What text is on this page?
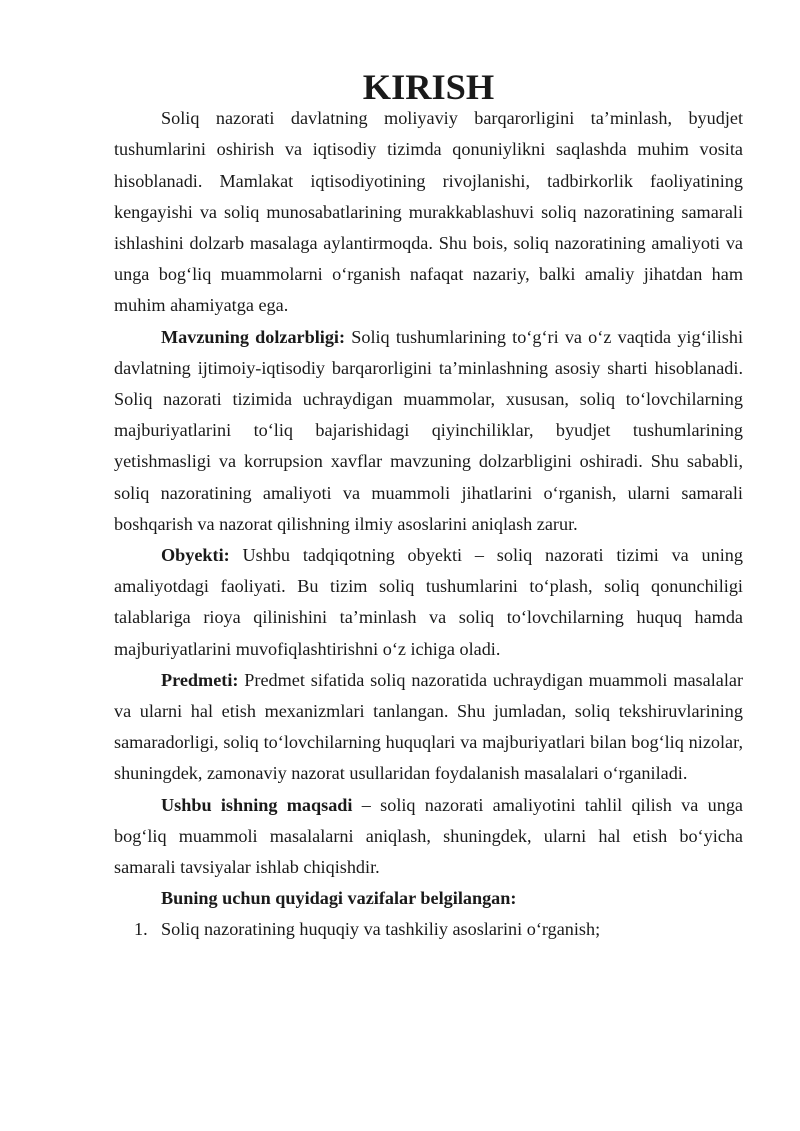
KIRISH

Soliq nazorati davlatning moliyaviy barqarorligini ta’minlash, byudjet tushumlarini oshirish va iqtisodiy tizimda qonuniylikni saqlashda muhim vosita hisoblanadi. Mamlakat iqtisodiyotining rivojlanishi, tadbirkorlik faoliyatining kengayishi va soliq munosabatlarining murakkablashuvi soliq nazoratining samarali ishlashini dolzarb masalaga aylantirmoqda. Shu bois, soliq nazoratining amaliyoti va unga bog‘liq muammolarni o‘rganish nafaqat nazariy, balki amaliy jihatdan ham muhim ahamiyatga ega.

Mavzuning dolzarbligi: Soliq tushumlarining to‘g‘ri va o‘z vaqtida yig‘ilishi davlatning ijtimoiy-iqtisodiy barqarorligini ta’minlashning asosiy sharti hisoblanadi. Soliq nazorati tizimida uchraydigan muammolar, xususan, soliq to‘lovchilarning majburiyatlarini to‘liq bajarishidagi qiyinchiliklar, byudjet tushumlarining yetishmasligi va korrupsion xavflar mavzuning dolzarbligini oshiradi. Shu sababli, soliq nazoratining amaliyoti va muammoli jihatlarini o‘rganish, ularni samarali boshqarish va nazorat qilishning ilmiy asoslarini aniqlash zarur.

Obyekti: Ushbu tadqiqotning obyekti – soliq nazorati tizimi va uning amaliyotdagi faoliyati. Bu tizim soliq tushumlarini to‘plash, soliq qonunchiligi talablariga rioya qilinishini ta’minlash va soliq to‘lovchilarning huquq hamda majburiyatlarini muvofiqlashtirishni o‘z ichiga oladi.

Predmeti: Predmet sifatida soliq nazoratida uchraydigan muammoli masalalar va ularni hal etish mexanizmlari tanlangan. Shu jumladan, soliq tekshiruvlarining samaradorligi, soliq to‘lovchilarning huquqlari va majburiyatlari bilan bog‘liq nizolar, shuningdek, zamonaviy nazorat usullaridan foydalanish masalalari o‘rganiladi.

Ushbu ishning maqsadi – soliq nazorati amaliyotini tahlil qilish va unga bog‘liq muammoli masalalarni aniqlash, shuningdek, ularni hal etish bo‘yicha samarali tavsiyalar ishlab chiqishdir.

Buning uchun quyidagi vazifalar belgilangan:

1. Soliq nazoratining huquqiy va tashkiliy asoslarini o‘rganish;
